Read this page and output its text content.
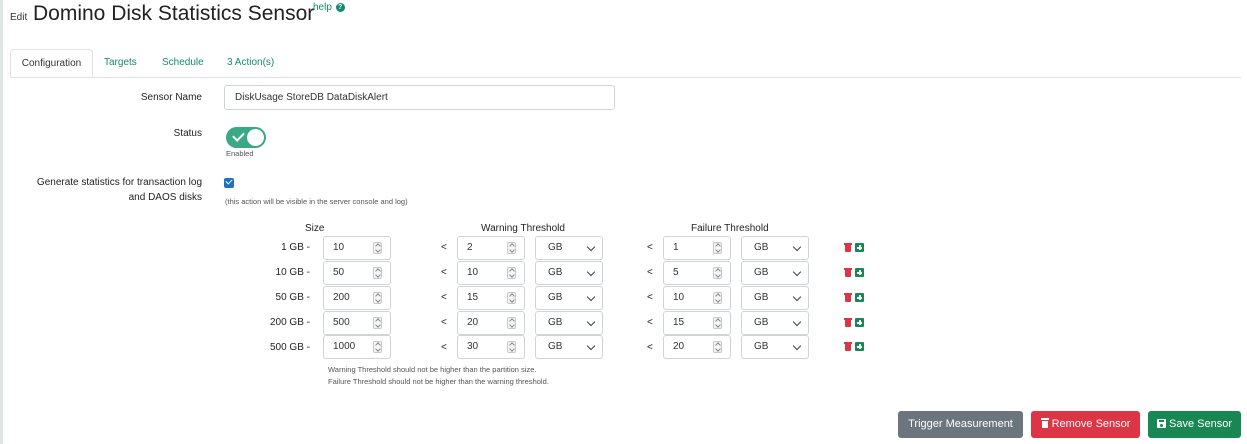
Edit Domino Disk Statistics Sensor
help ?
Configuration	Targets	Schedule 3 Action(s)
Sensor Name
DiskUsage StoreDB DataDiskAlert
Status
Enabled
Generate statistics for transaction log
and DAOS disks	(this action will be visible in the server console and log)
Size	Warning Threshold	Failure Threshold
1 GB -	10	<	2	GB	<	1	GB
10 GB -	50	<	10	GB	<	5	GB
50 GB -	200	<	15	GB	<	10	GB
200 GB -	500	<	20	GB	<	15	GB
500 GB -	1000	<	30	GB	<	20	GB
Warning Threshold should not be higher than the partition size.
Failure Threshold should not be higher than the warning threshold.
Trigger Measurement	Remove Sensor	Save Sensor
